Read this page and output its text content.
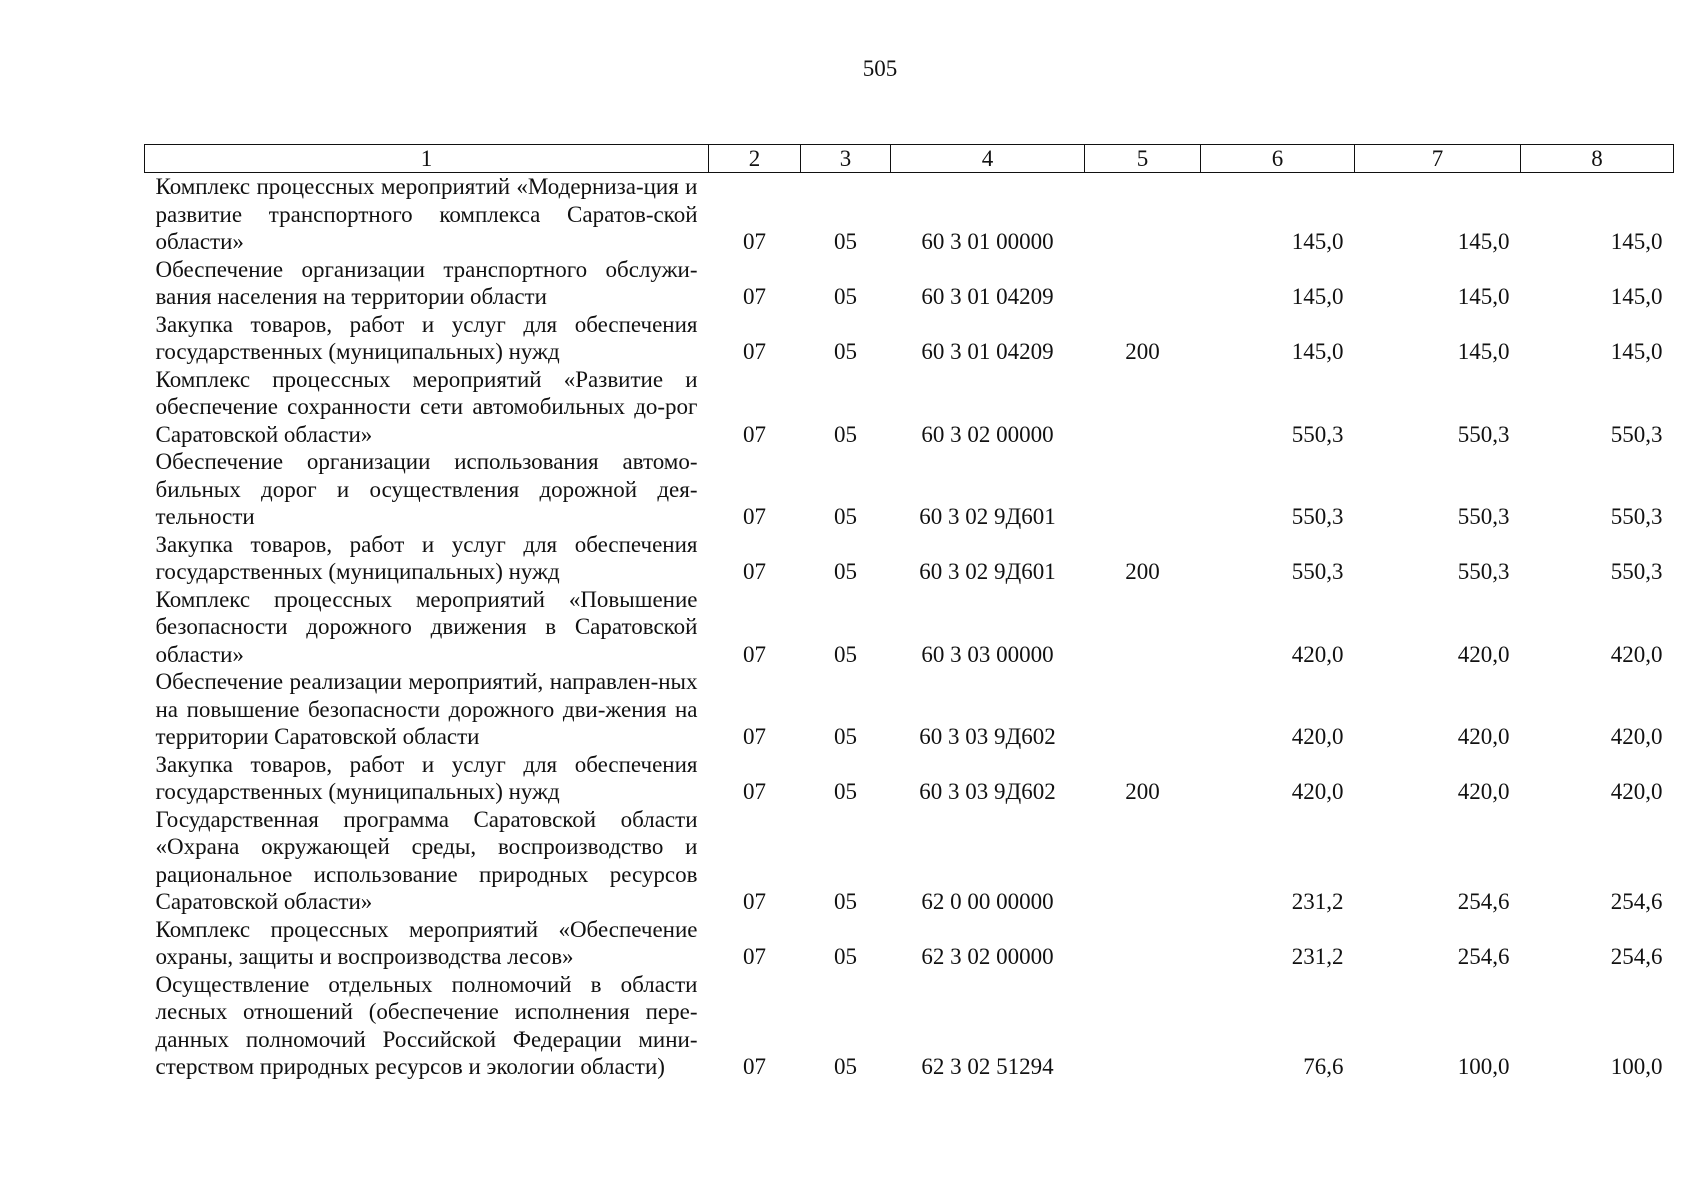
505
1	2	3	4	5	6	7	8
Комплекс процессных мероприятий «Модерниза-ция и развитие транспортного комплекса Саратов-ской области»	07	05	60 3 01 00000		145,0	145,0	145,0
Обеспечение организации транспортного обслужи-вания населения на территории области	07	05	60 3 01 04209		145,0	145,0	145,0
Закупка товаров, работ и услуг для обеспечения государственных (муниципальных) нужд	07	05	60 3 01 04209	200	145,0	145,0	145,0
Комплекс процессных мероприятий «Развитие и обеспечение сохранности сети автомобильных до-рог Саратовской области»	07	05	60 3 02 00000		550,3	550,3	550,3
Обеспечение организации использования автомо-бильных дорог и осуществления дорожной дея-тельности	07	05	60 3 02 9Д601		550,3	550,3	550,3
Закупка товаров, работ и услуг для обеспечения государственных (муниципальных) нужд	07	05	60 3 02 9Д601	200	550,3	550,3	550,3
Комплекс процессных мероприятий «Повышение безопасности дорожного движения в Саратовской области»	07	05	60 3 03 00000		420,0	420,0	420,0
Обеспечение реализации мероприятий, направлен-ных на повышение безопасности дорожного дви-жения на территории Саратовской области	07	05	60 3 03 9Д602		420,0	420,0	420,0
Закупка товаров, работ и услуг для обеспечения государственных (муниципальных) нужд	07	05	60 3 03 9Д602	200	420,0	420,0	420,0
Государственная программа Саратовской области «Охрана окружающей среды, воспроизводство и рациональное использование природных ресурсов Саратовской области»	07	05	62 0 00 00000		231,2	254,6	254,6
Комплекс процессных мероприятий «Обеспечение охраны, защиты и воспроизводства лесов»	07	05	62 3 02 00000		231,2	254,6	254,6
Осуществление отдельных полномочий в области лесных отношений (обеспечение исполнения пере-данных полномочий Российской Федерации мини-стерством природных ресурсов и экологии области)	07	05	62 3 02 51294		76,6	100,0	100,0
